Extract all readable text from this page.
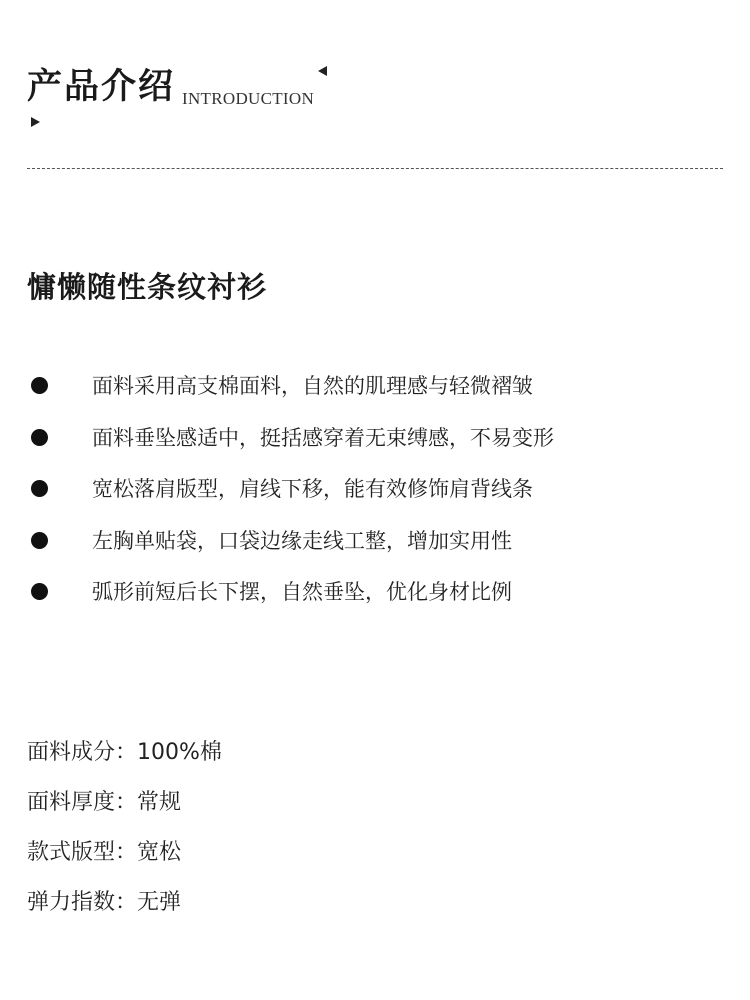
产品介绍 INTRODUCTION
慵懒随性条纹衬衫
面料采用高支棉面料，自然的肌理感与轻微褶皱
面料垂坠感适中，挺括感穿着无束缚感，不易变形
宽松落肩版型，肩线下移，能有效修饰肩背线条
左胸单贴袋，口袋边缘走线工整，增加实用性
弧形前短后长下摆，自然垂坠，优化身材比例
面料成分：100%棉
面料厚度：常规
款式版型：宽松
弹力指数：无弹
